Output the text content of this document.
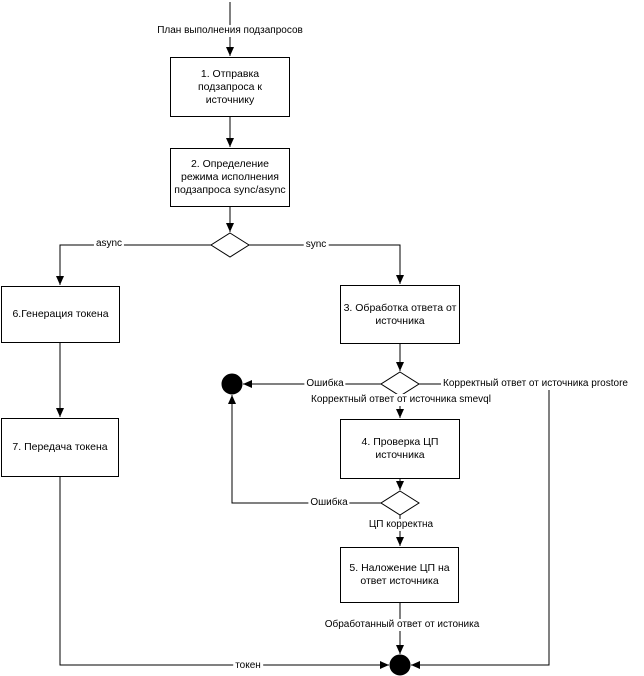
1. Отправка подзапроса к источнику
2. Определение режима исполнения подзапроса sync/async
3. Обработка ответа от источника
4. Проверка ЦП источника
5. Наложение ЦП на ответ источника
6.Генерация токена
7. Передача токена
План выполнения подзапросов
async	sync
Ошибка	Корректный ответ от источника prostore
Корректный ответ от источника smevql
Ошибка
ЦП корректна
Обработанный ответ от истоника
токен
